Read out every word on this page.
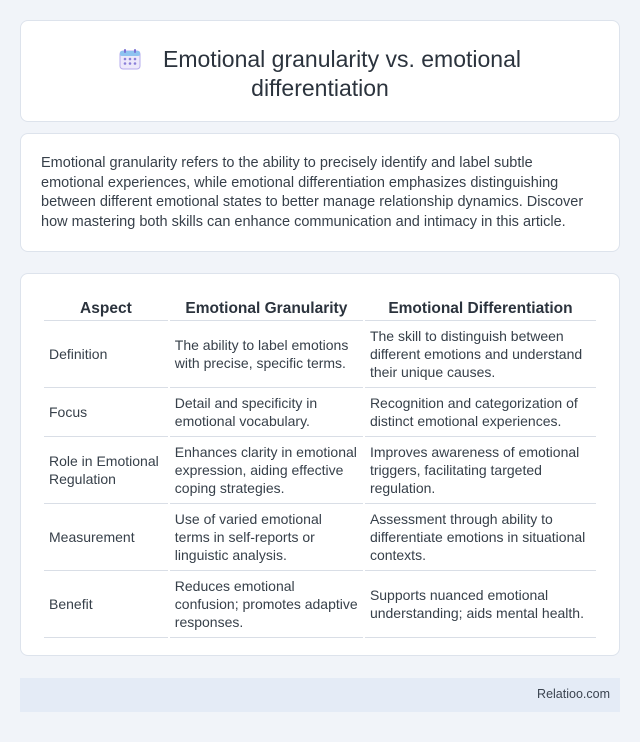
Emotional granularity vs. emotional
differentiation

Emotional granularity refers to the ability to precisely identify and label subtle emotional experiences, while emotional differentiation emphasizes distinguishing between different emotional states to better manage relationship dynamics. Discover how mastering both skills can enhance communication and intimacy in this article.

Aspect	Emotional Granularity	Emotional Differentiation
Definition	The ability to label emotions with precise, specific terms.	The skill to distinguish between different emotions and understand their unique causes.
Focus	Detail and specificity in emotional vocabulary.	Recognition and categorization of distinct emotional experiences.
Role in Emotional Regulation	Enhances clarity in emotional expression, aiding effective coping strategies.	Improves awareness of emotional triggers, facilitating targeted regulation.
Measurement	Use of varied emotional terms in self-reports or linguistic analysis.	Assessment through ability to differentiate emotions in situational contexts.
Benefit	Reduces emotional confusion; promotes adaptive responses.	Supports nuanced emotional understanding; aids mental health.
Relatioo.com
